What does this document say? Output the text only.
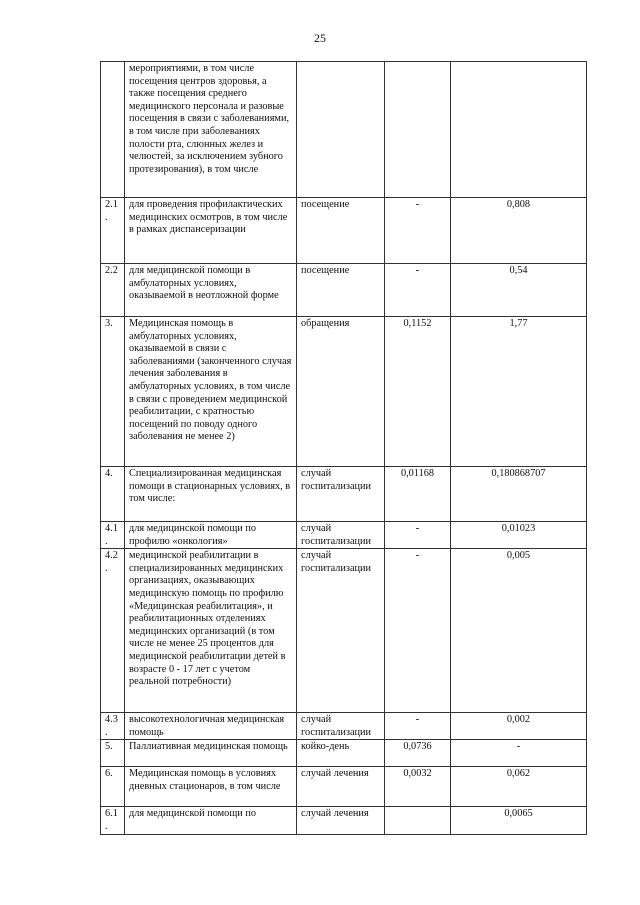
25
	мероприятиями, в том числе посещения центров здоровья, а также посещения среднего медицинского персонала и разовые посещения в связи с заболеваниями, в том числе при заболеваниях полости рта, слюнных желез и челюстей, за исключением зубного протезирования), в том числе			
2.1.	для проведения профилактических медицинских осмотров, в том числе в рамках диспансеризации	посещение	-	0,808
2.2	для медицинской помощи в амбулаторных условиях, оказываемой в неотложной форме	посещение	-	0,54
3.	Медицинская помощь в амбулаторных условиях, оказываемой в связи с заболеваниями (законченного случая лечения заболевания в амбулаторных условиях, в том числе в связи с проведением медицинской реабилитации, с кратностью посещений по поводу одного заболевания не менее 2)	обращения	0,1152	1,77
4.	Специализированная медицинская помощи в стационарных условиях, в том числе:	случай госпитализации	0,01168	0,180868707
4.1.	для медицинской помощи по профилю «онкология»	случай госпитализации	-	0,01023
4.2.	медицинской реабилитации в специализированных медицинских организациях, оказывающих медицинскую помощь по профилю «Медицинская реабилитация», и реабилитационных отделениях медицинских организаций (в том числе не менее 25 процентов для медицинской реабилитации детей в возрасте 0 - 17 лет с учетом реальной потребности)	случай госпитализации	-	0,005
4.3.	высокотехнологичная медицинская помощь	случай госпитализации	-	0,002
5.	Паллиативная медицинская помощь	койко-день	0,0736	-
6.	Медицинская помощь в условиях дневных стационаров, в том числе	случай лечения	0,0032	0,062
6.1.	для медицинской помощи по	случай лечения		0,0065
